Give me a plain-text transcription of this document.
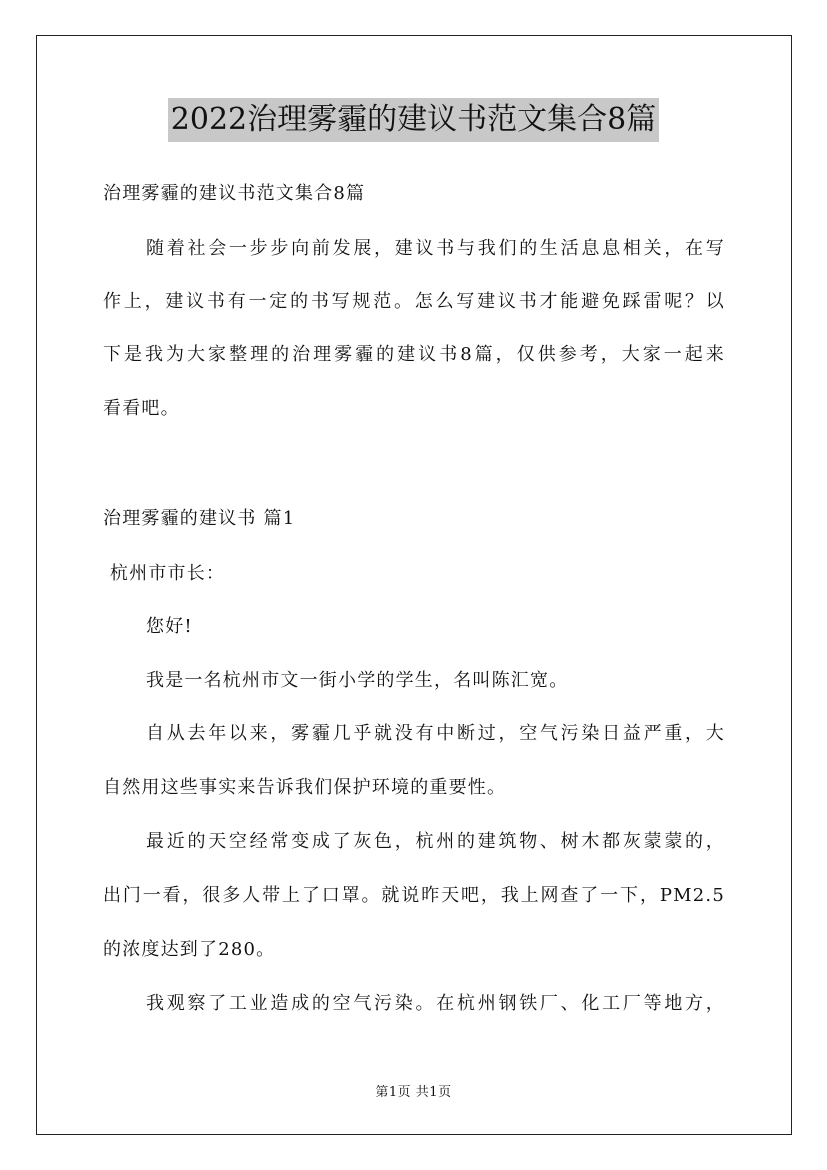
2022治理雾霾的建议书范文集合8篇
治理雾霾的建议书范文集合8篇
随着社会一步步向前发展，建议书与我们的生活息息相关，在写
作上，建议书有一定的书写规范。怎么写建议书才能避免踩雷呢？以
下是我为大家整理的治理雾霾的建议书8篇，仅供参考，大家一起来
看看吧。
治理雾霾的建议书 篇1
杭州市市长：
您好!
我是一名杭州市文一街小学的学生，名叫陈汇宽。
自从去年以来，雾霾几乎就没有中断过，空气污染日益严重，大
自然用这些事实来告诉我们保护环境的重要性。
最近的天空经常变成了灰色，杭州的建筑物、树木都灰蒙蒙的，
出门一看，很多人带上了口罩。就说昨天吧，我上网查了一下，PM2.5
的浓度达到了280。
我观察了工业造成的空气污染。在杭州钢铁厂、化工厂等地方，
第1页 共1页
